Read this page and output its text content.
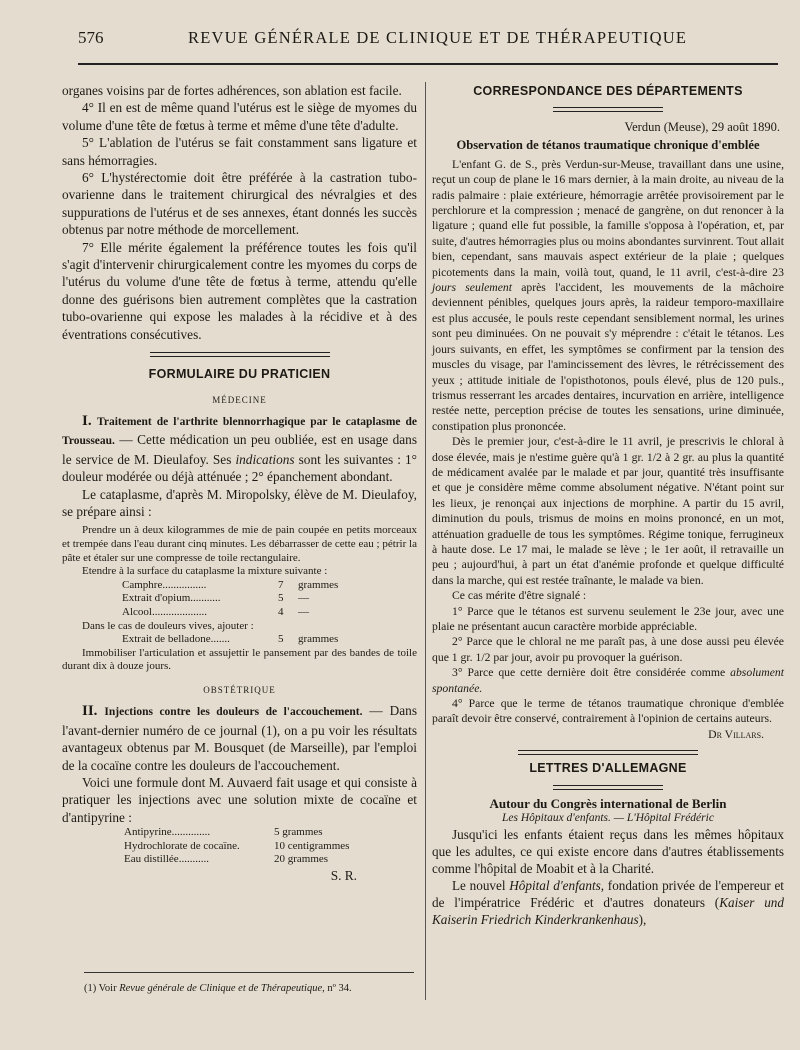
576	REVUE GÉNÉRALE DE CLINIQUE ET DE THÉRAPEUTIQUE

organes voisins par de fortes adhérences, son ablation est facile.

4° Il en est de même quand l'utérus est le siège de myomes du volume d'une tête de fœtus à terme et même d'une tête d'adulte.

5° L'ablation de l'utérus se fait constamment sans ligature et sans hémorragies.

6° L'hystérectomie doit être préférée à la castration tubo-ovarienne dans le traitement chirurgical des névralgies et des suppurations de l'utérus et de ses annexes, étant donnés les succès obtenus par notre méthode de morcellement.

7° Elle mérite également la préférence toutes les fois qu'il s'agit d'intervenir chirurgicalement contre les myomes du corps de l'utérus du volume d'une tête de fœtus à terme, attendu qu'elle donne des guérisons bien autrement complètes que la castration tubo-ovarienne qui expose les malades à la récidive et à des éventrations consécutives.

FORMULAIRE DU PRATICIEN
MÉDECINE

I. Traitement de l'arthrite blennorrhagique par le cataplasme de Trousseau. — Cette médication un peu oubliée, est en usage dans le service de M. Dieulafoy. Ses indications sont les suivantes : 1° douleur modérée ou déjà atténuée ; 2° épanchement abondant.

Le cataplasme, d'après M. Miropolsky, élève de M. Dieulafoy, se prépare ainsi :

Prendre un à deux kilogrammes de mie de pain coupée en petits morceaux et trempée dans l'eau durant cinq minutes. Les débarrasser de cette eau ; pétrir la pâte et étaler sur une compresse de toile rectangulaire.

Etendre à la surface du cataplasme la mixture suivante :

Camphre................	7	grammes
Extrait d'opium...........	5	—
Alcool....................	4	—

Dans le cas de douleurs vives, ajouter :

Extrait de belladone.......	5	grammes

Immobiliser l'articulation et assujettir le pansement par des bandes de toile durant dix à douze jours.

OBSTÉTRIQUE

II. Injections contre les douleurs de l'accouchement. — Dans l'avant-dernier numéro de ce journal (1), on a pu voir les résultats avantageux obtenus par M. Bousquet (de Marseille), par l'emploi de la cocaïne contre les douleurs de l'accouchement.

Voici une formule dont M. Auvaerd fait usage et qui consiste à pratiquer les injections avec une solution mixte de cocaïne et d'antipyrine :

Antipyrine..............	5 grammes
Hydrochlorate de cocaïne.	10 centigrammes
Eau distillée...........	20 grammes

S. R.

(1) Voir Revue générale de Clinique et de Thérapeutique, nº 34.
CORRESPONDANCE DES DÉPARTEMENTS

Verdun (Meuse), 29 août 1890.

Observation de tétanos traumatique chronique d'emblée

L'enfant G. de S., près Verdun-sur-Meuse, travaillant dans une usine, reçut un coup de plane le 16 mars dernier, à la main droite, au niveau de la radis palmaire : plaie extérieure, hémorragie arrêtée provisoirement par le perchlorure et la compression ; menacé de gangrène, on dut renoncer à la ligature ; quand elle fut possible, la famille s'opposa à l'opération, et, par suite, d'autres hémorragies plus ou moins abondantes survinrent. Tout allait bien, cependant, sans mauvais aspect extérieur de la plaie ; quelques picotements dans la main, voilà tout, quand, le 11 avril, c'est-à-dire 23 jours seulement après l'accident, les mouvements de la mâchoire deviennent pénibles, quelques jours après, la raideur temporo-maxillaire est plus accusée, le pouls reste cependant sensiblement normal, les urines sont peu diminuées. On ne pouvait s'y méprendre : c'était le tétanos. Les jours suivants, en effet, les symptômes se confirment par la tension des muscles du visage, par l'amincissement des lèvres, le rétrécissement des yeux ; attitude initiale de l'opisthotonos, pouls élevé, plus de 120 puls., trismus resserrant les arcades dentaires, incurvation en arrière, intelligence restée nette, perception précise de toutes les sensations, urine diminuée, constipation plus prononcée.

Dès le premier jour, c'est-à-dire le 11 avril, je prescrivis le chloral à dose élevée, mais je n'estime guère qu'à 1 gr. 1/2 à 2 gr. au plus la quantité de médicament avalée par le malade et par jour, quantité très insuffisante et que je considère même comme absolument négative. N'étant point sur les lieux, je renonçai aux injections de morphine. A partir du 15 avril, diminution du pouls, trismus de moins en moins prononcé, en un mot, atténuation graduelle de tous les symptômes. Régime tonique, ferrugineux à haute dose. Le 17 mai, le malade se lève ; le 1er août, il retravaille un peu ; aujourd'hui, à part un état d'anémie profonde et quelque difficulté dans la marche, qui est restée traînante, le malade va bien.

Ce cas mérite d'être signalé :

1° Parce que le tétanos est survenu seulement le 23e jour, avec une plaie ne présentant aucun caractère morbide appréciable.

2° Parce que le chloral ne me paraît pas, à une dose aussi peu élevée que 1 gr. 1/2 par jour, avoir pu provoquer la guérison.

3° Parce que cette dernière doit être considérée comme absolument spontanée.

4° Parce que le terme de tétanos traumatique chronique d'emblée paraît devoir être conservé, contrairement à l'opinion de certains auteurs.

Dr Villars.

LETTRES D'ALLEMAGNE

Autour du Congrès international de Berlin

Les Hôpitaux d'enfants. — L'Hôpital Frédéric

Jusqu'ici les enfants étaient reçus dans les mêmes hôpitaux que les adultes, ce qui existe encore dans d'autres établissements comme l'hôpital de Moabit et à la Charité.

Le nouvel Hôpital d'enfants, fondation privée de l'empereur et de l'impératrice Frédéric et d'autres donateurs (Kaiser und Kaiserin Friedrich Kinderkrankenhaus),
